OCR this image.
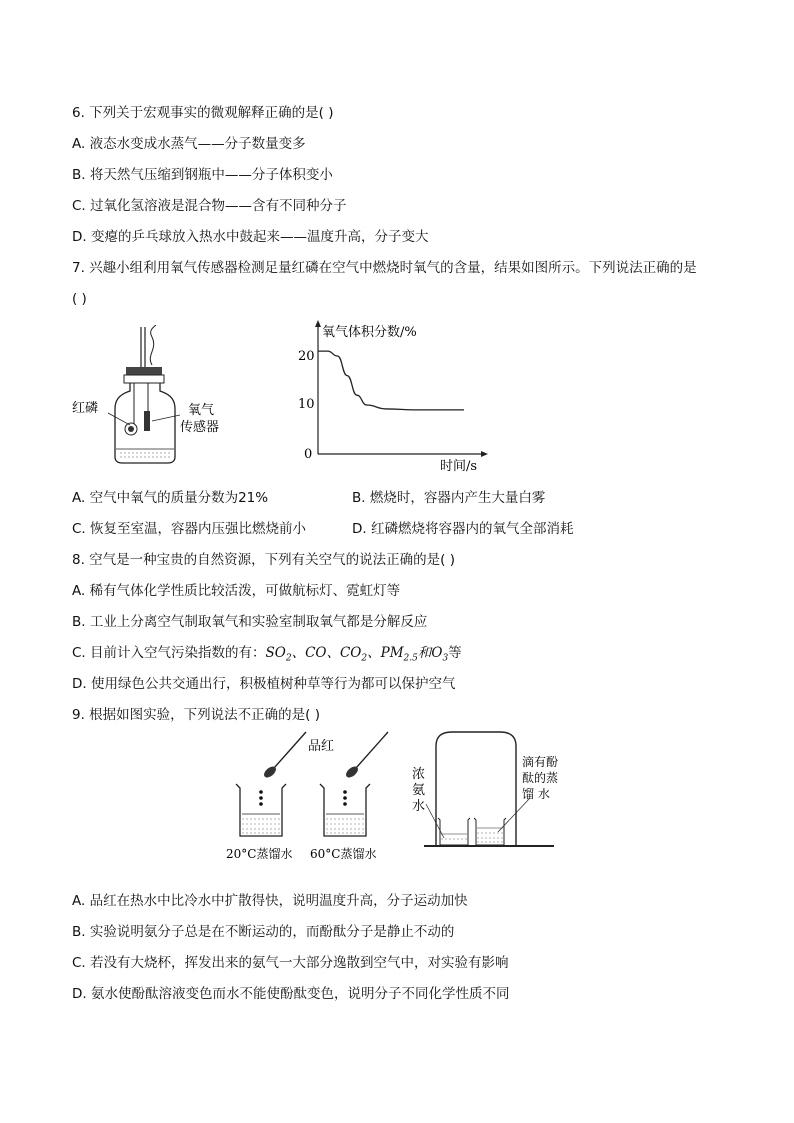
6. 下列关于宏观事实的微观解释正确的是( )
A. 液态水变成水蒸气——分子数量变多
B. 将天然气压缩到钢瓶中——分子体积变小
C. 过氧化氢溶液是混合物——含有不同种分子
D. 变瘪的乒乓球放入热水中鼓起来——温度升高，分子变大
7. 兴趣小组利用氧气传感器检测足量红磷在空气中燃烧时氧气的含量，结果如图所示。下列说法正确的是
( )
红磷	氧气
传感器
氧气体积分数/%
时间/s
20
10
0
A. 空气中氧气的质量分数为21%	B. 燃烧时，容器内产生大量白雾
C. 恢复至室温，容器内压强比燃烧前小	D. 红磷燃烧将容器内的氧气全部消耗
8. 空气是一种宝贵的自然资源，下列有关空气的说法正确的是( )
A. 稀有气体化学性质比较活泼，可做航标灯、霓虹灯等
B. 工业上分离空气制取氧气和实验室制取氧气都是分解反应
C. 目前计入空气污染指数的有：$SO_2$、CO、$CO_2$、$PM_{2.5}$和$O_3$等
D. 使用绿色公共交通出行，积极植树种草等行为都可以保护空气
9. 根据如图实验，下列说法不正确的是( )
品红
20°C蒸馏水 60°C蒸馏水
浓
氨
水
滴有酚
酞的蒸
馏 水
A. 品红在热水中比冷水中扩散得快，说明温度升高，分子运动加快
B. 实验说明氨分子总是在不断运动的，而酚酞分子是静止不动的
C. 若没有大烧杯，挥发出来的氨气一大部分逸散到空气中，对实验有影响
D. 氨水使酚酞溶液变色而水不能使酚酞变色，说明分子不同化学性质不同
